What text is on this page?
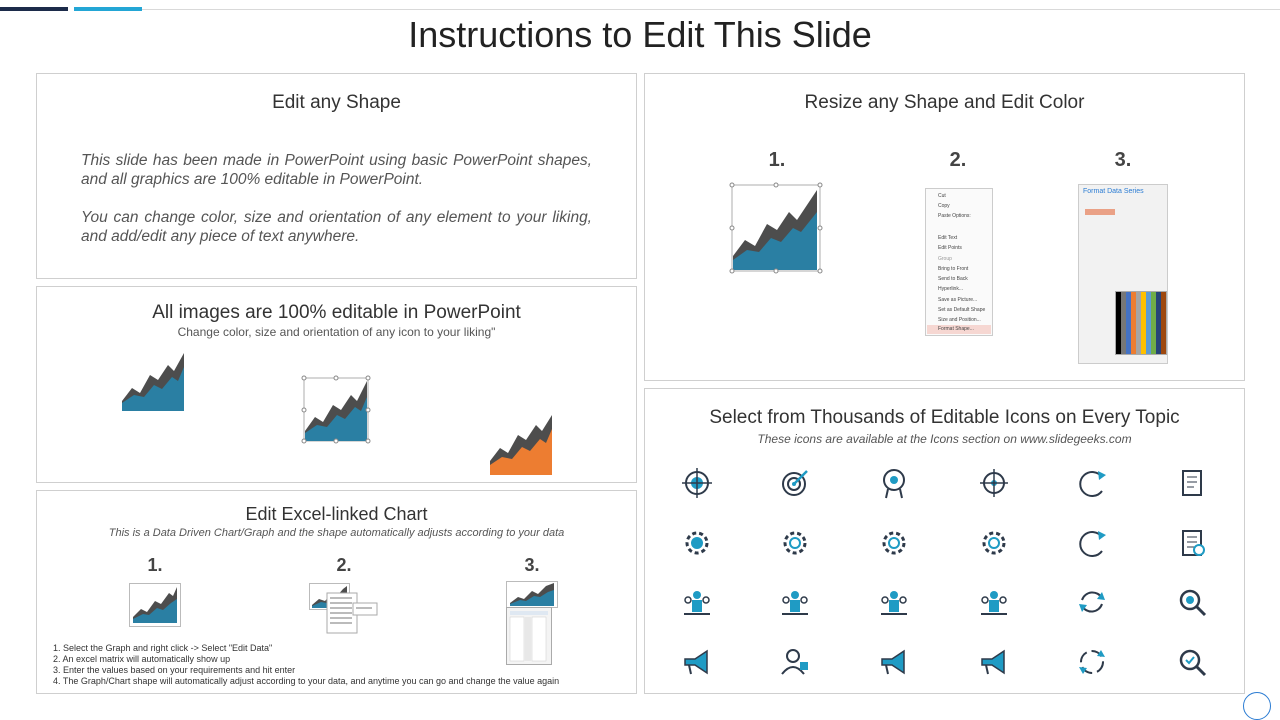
Instructions to Edit This Slide
Edit any Shape
This slide has been made in PowerPoint using basic PowerPoint shapes, and all graphics are 100% editable in PowerPoint.
You can change color, size and orientation of any element to your liking, and add/edit any piece of text anywhere.
All images are 100% editable in PowerPoint
Change color, size and orientation of any icon to your liking"
Edit Excel-linked Chart
This is a Data Driven Chart/Graph and the shape automatically adjusts according to your data
1.	2.	3.
1. Select the Graph and right click -> Select "Edit Data"
2. An excel matrix will automatically show up
3. Enter the values based on your requirements and hit enter
4. The Graph/Chart shape will automatically adjust according to your data, and anytime you can go and change the value again
Resize any Shape and Edit Color
1.	2.	3.
Cut
Copy
Paste Options:
Edit Text
Edit Points
Group
Bring to Front
Send to Back
Hyperlink...
Save as Picture...
Set as Default Shape
Size and Position...
Format Shape...
Format Data Series
Select from Thousands of Editable Icons on Every Topic
These icons are available at the Icons section on www.slidegeeks.com
